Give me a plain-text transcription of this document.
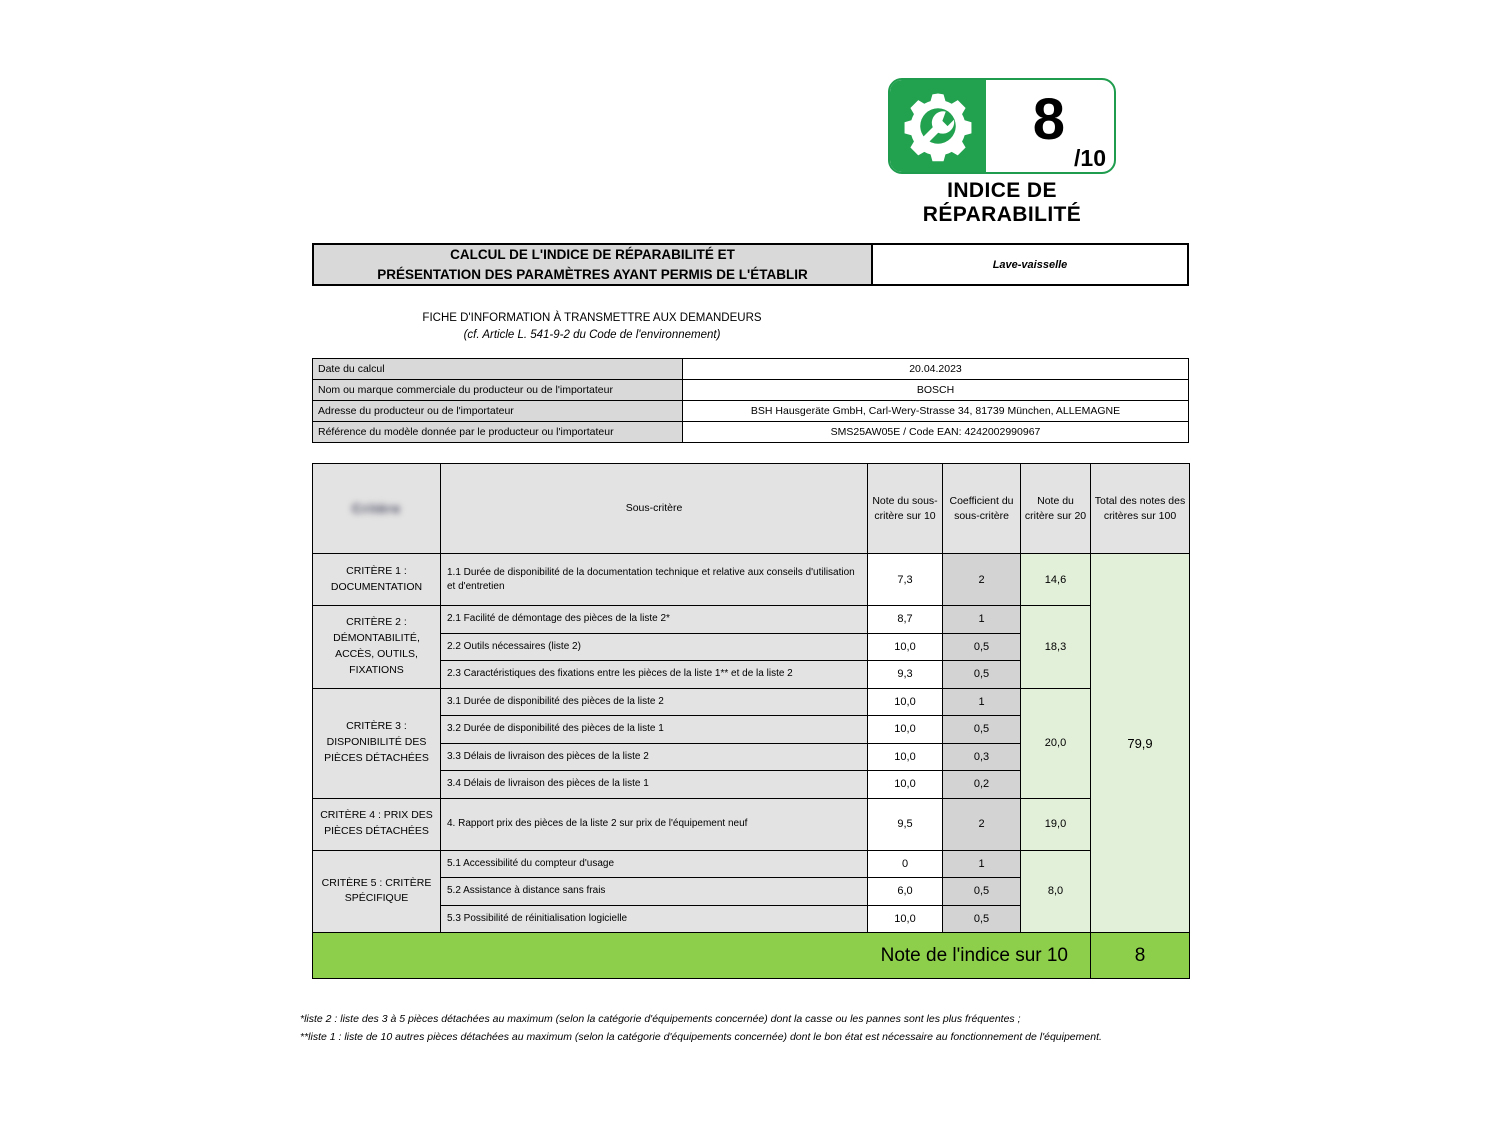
8
/10
INDICE DE RÉPARABILITÉ
CALCUL DE L'INDICE DE RÉPARABILITÉ ET
PRÉSENTATION DES PARAMÈTRES AYANT PERMIS DE L'ÉTABLIR
Lave-vaisselle
FICHE D'INFORMATION À TRANSMETTRE AUX DEMANDEURS
(cf. Article L. 541-9-2 du Code de l'environnement)
Date du calcul	20.04.2023
Nom ou marque commerciale du producteur ou de l'importateur	BOSCH
Adresse du producteur ou de l'importateur	BSH Hausgeräte GmbH, Carl-Wery-Strasse 34, 81739 München, ALLEMAGNE
Référence du modèle donnée par le producteur ou l'importateur	SMS25AW05E / Code EAN: 4242002990967
Critère	Sous-critère	Note du sous-critère sur 10	Coefficient du sous-critère	Note du critère sur 20	Total des notes des critères sur 100
CRITÈRE 1 : DOCUMENTATION	1.1 Durée de disponibilité de la documentation technique et relative aux conseils d'utilisation et d'entretien	7,3	2	14,6	79,9
CRITÈRE 2 : DÉMONTABILITÉ, ACCÈS, OUTILS, FIXATIONS	2.1 Facilité de démontage des pièces de la liste 2*	8,7	1	18,3	
	2.2 Outils nécessaires (liste 2)	10,0	0,5		
	2.3 Caractéristiques des fixations entre les pièces de la liste 1** et de la liste 2	9,3	0,5		
CRITÈRE 3 : DISPONIBILITÉ DES PIÈCES DÉTACHÉES	3.1 Durée de disponibilité des pièces de la liste 2	10,0	1	20,0	
	3.2 Durée de disponibilité des pièces de la liste 1	10,0	0,5		
	3.3 Délais de livraison des pièces de la liste 2	10,0	0,3		
	3.4 Délais de livraison des pièces de la liste 1	10,0	0,2		
CRITÈRE 4 : PRIX DES PIÈCES DÉTACHÉES	4. Rapport prix des pièces de la liste 2 sur prix de l'équipement neuf	9,5	2	19,0	
CRITÈRE 5 : CRITÈRE SPÉCIFIQUE	5.1 Accessibilité du compteur d'usage	0	1	8,0	
	5.2 Assistance à distance sans frais	6,0	0,5		
	5.3 Possibilité de réinitialisation logicielle	10,0	0,5		
Note de l'indice sur 10					8
*liste 2 : liste des 3 à 5 pièces détachées au maximum (selon la catégorie d'équipements concernée) dont la casse ou les pannes sont les plus fréquentes ;
**liste 1 : liste de 10 autres pièces détachées au maximum (selon la catégorie d'équipements concernée) dont le bon état est nécessaire au fonctionnement de l'équipement.
